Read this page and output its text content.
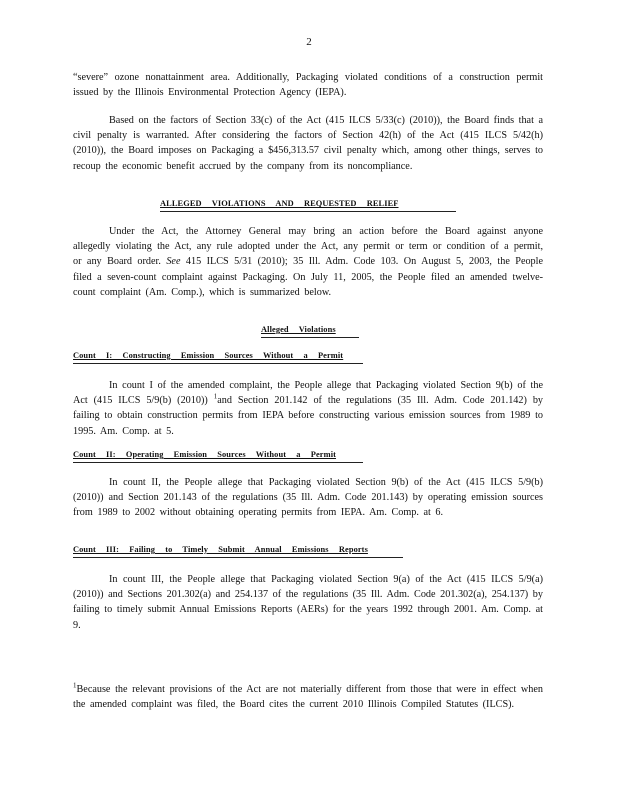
2

“severe” ozone nonattainment area. Additionally, Packaging violated conditions of a construction permit issued by the Illinois Environmental Protection Agency (IEPA).

Based on the factors of Section 33(c) of the Act (415 ILCS 5/33(c) (2010)), the Board finds that a civil penalty is warranted. After considering the factors of Section 42(h) of the Act (415 ILCS 5/42(h) (2010)), the Board imposes on Packaging a $456,313.57 civil penalty which, among other things, serves to recoup the economic benefit accrued by the company from its noncompliance.

ALLEGED VIOLATIONS AND REQUESTED RELIEF

Under the Act, the Attorney General may bring an action before the Board against anyone allegedly violating the Act, any rule adopted under the Act, any permit or term or condition of a permit, or any Board order. See 415 ILCS 5/31 (2010); 35 Ill. Adm. Code 103. On August 5, 2003, the People filed a seven-count complaint against Packaging. On July 11, 2005, the People filed an amended twelve-count complaint (Am. Comp.), which is summarized below.

Alleged Violations
Count I: Constructing Emission Sources Without a Permit

In count I of the amended complaint, the People allege that Packaging violated Section 9(b) of the Act (415 ILCS 5/9(b) (2010)) $^1$and Section 201.142 of the regulations (35 Ill. Adm. Code 201.142) by failing to obtain construction permits from IEPA before constructing various emission sources from 1989 to 1995. Am. Comp. at 5.

Count II: Operating Emission Sources Without a Permit

In count II, the People allege that Packaging violated Section 9(b) of the Act (415 ILCS 5/9(b) (2010)) and Section 201.143 of the regulations (35 Ill. Adm. Code 201.143) by operating emission sources from 1989 to 2002 without obtaining operating permits from IEPA. Am. Comp. at 6.

Count III: Failing to Timely Submit Annual Emissions Reports

In count III, the People allege that Packaging violated Section 9(a) of the Act (415 ILCS 5/9(a) (2010)) and Sections 201.302(a) and 254.137 of the regulations (35 Ill. Adm. Code 201.302(a), 254.137) by failing to timely submit Annual Emissions Reports (AERs) for the years 1992 through 2001. Am. Comp. at 9.

$^1$Because the relevant provisions of the Act are not materially different from those that were in effect when the amended complaint was filed, the Board cites the current 2010 Illinois Compiled Statutes (ILCS).
